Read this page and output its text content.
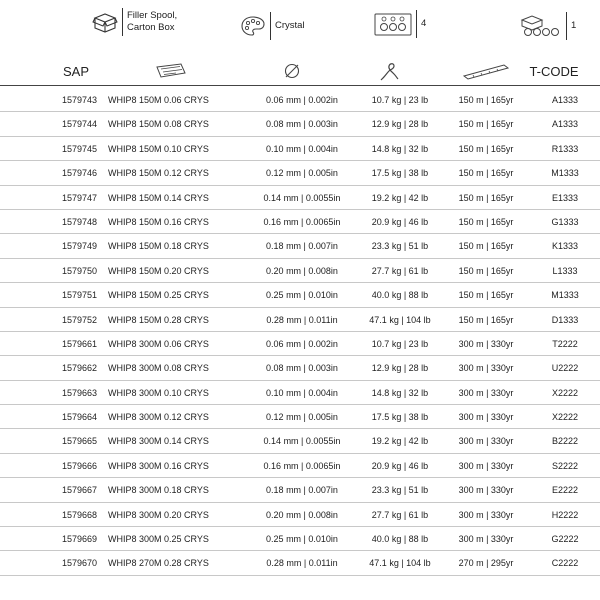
Filler Spool,
Carton Box	Crystal	4	1
SAP	T-CODE
1579743	WHIP8 150M 0.06 CRYS	0.06 mm | 0.002in	10.7 kg | 23 lb	150 m | 165yr	A1333
1579744	WHIP8 150M 0.08 CRYS	0.08 mm | 0.003in	12.9 kg | 28 lb	150 m | 165yr	A1333
1579745	WHIP8 150M 0.10 CRYS	0.10 mm | 0.004in	14.8 kg | 32 lb	150 m | 165yr	R1333
1579746	WHIP8 150M 0.12 CRYS	0.12 mm | 0.005in	17.5 kg | 38 lb	150 m | 165yr	M1333
1579747	WHIP8 150M 0.14 CRYS	0.14 mm | 0.0055in	19.2 kg | 42 lb	150 m | 165yr	E1333
1579748	WHIP8 150M 0.16 CRYS	0.16 mm | 0.0065in	20.9 kg | 46 lb	150 m | 165yr	G1333
1579749	WHIP8 150M 0.18 CRYS	0.18 mm | 0.007in	23.3 kg | 51 lb	150 m | 165yr	K1333
1579750	WHIP8 150M 0.20 CRYS	0.20 mm | 0.008in	27.7 kg | 61 lb	150 m | 165yr	L1333
1579751	WHIP8 150M 0.25 CRYS	0.25 mm | 0.010in	40.0 kg | 88 lb	150 m | 165yr	M1333
1579752	WHIP8 150M 0.28 CRYS	0.28 mm | 0.011in	47.1 kg | 104 lb	150 m | 165yr	D1333
1579661	WHIP8 300M 0.06 CRYS	0.06 mm | 0.002in	10.7 kg | 23 lb	300 m | 330yr	T2222
1579662	WHIP8 300M 0.08 CRYS	0.08 mm | 0.003in	12.9 kg | 28 lb	300 m | 330yr	U2222
1579663	WHIP8 300M 0.10 CRYS	0.10 mm | 0.004in	14.8 kg | 32 lb	300 m | 330yr	X2222
1579664	WHIP8 300M 0.12 CRYS	0.12 mm | 0.005in	17.5 kg | 38 lb	300 m | 330yr	X2222
1579665	WHIP8 300M 0.14 CRYS	0.14 mm | 0.0055in	19.2 kg | 42 lb	300 m | 330yr	B2222
1579666	WHIP8 300M 0.16 CRYS	0.16 mm | 0.0065in	20.9 kg | 46 lb	300 m | 330yr	S2222
1579667	WHIP8 300M 0.18 CRYS	0.18 mm | 0.007in	23.3 kg | 51 lb	300 m | 330yr	E2222
1579668	WHIP8 300M 0.20 CRYS	0.20 mm | 0.008in	27.7 kg | 61 lb	300 m | 330yr	H2222
1579669	WHIP8 300M 0.25 CRYS	0.25 mm | 0.010in	40.0 kg | 88 lb	300 m | 330yr	G2222
1579670	WHIP8 270M 0.28 CRYS	0.28 mm | 0.011in	47.1 kg | 104 lb	270 m | 295yr	C2222
